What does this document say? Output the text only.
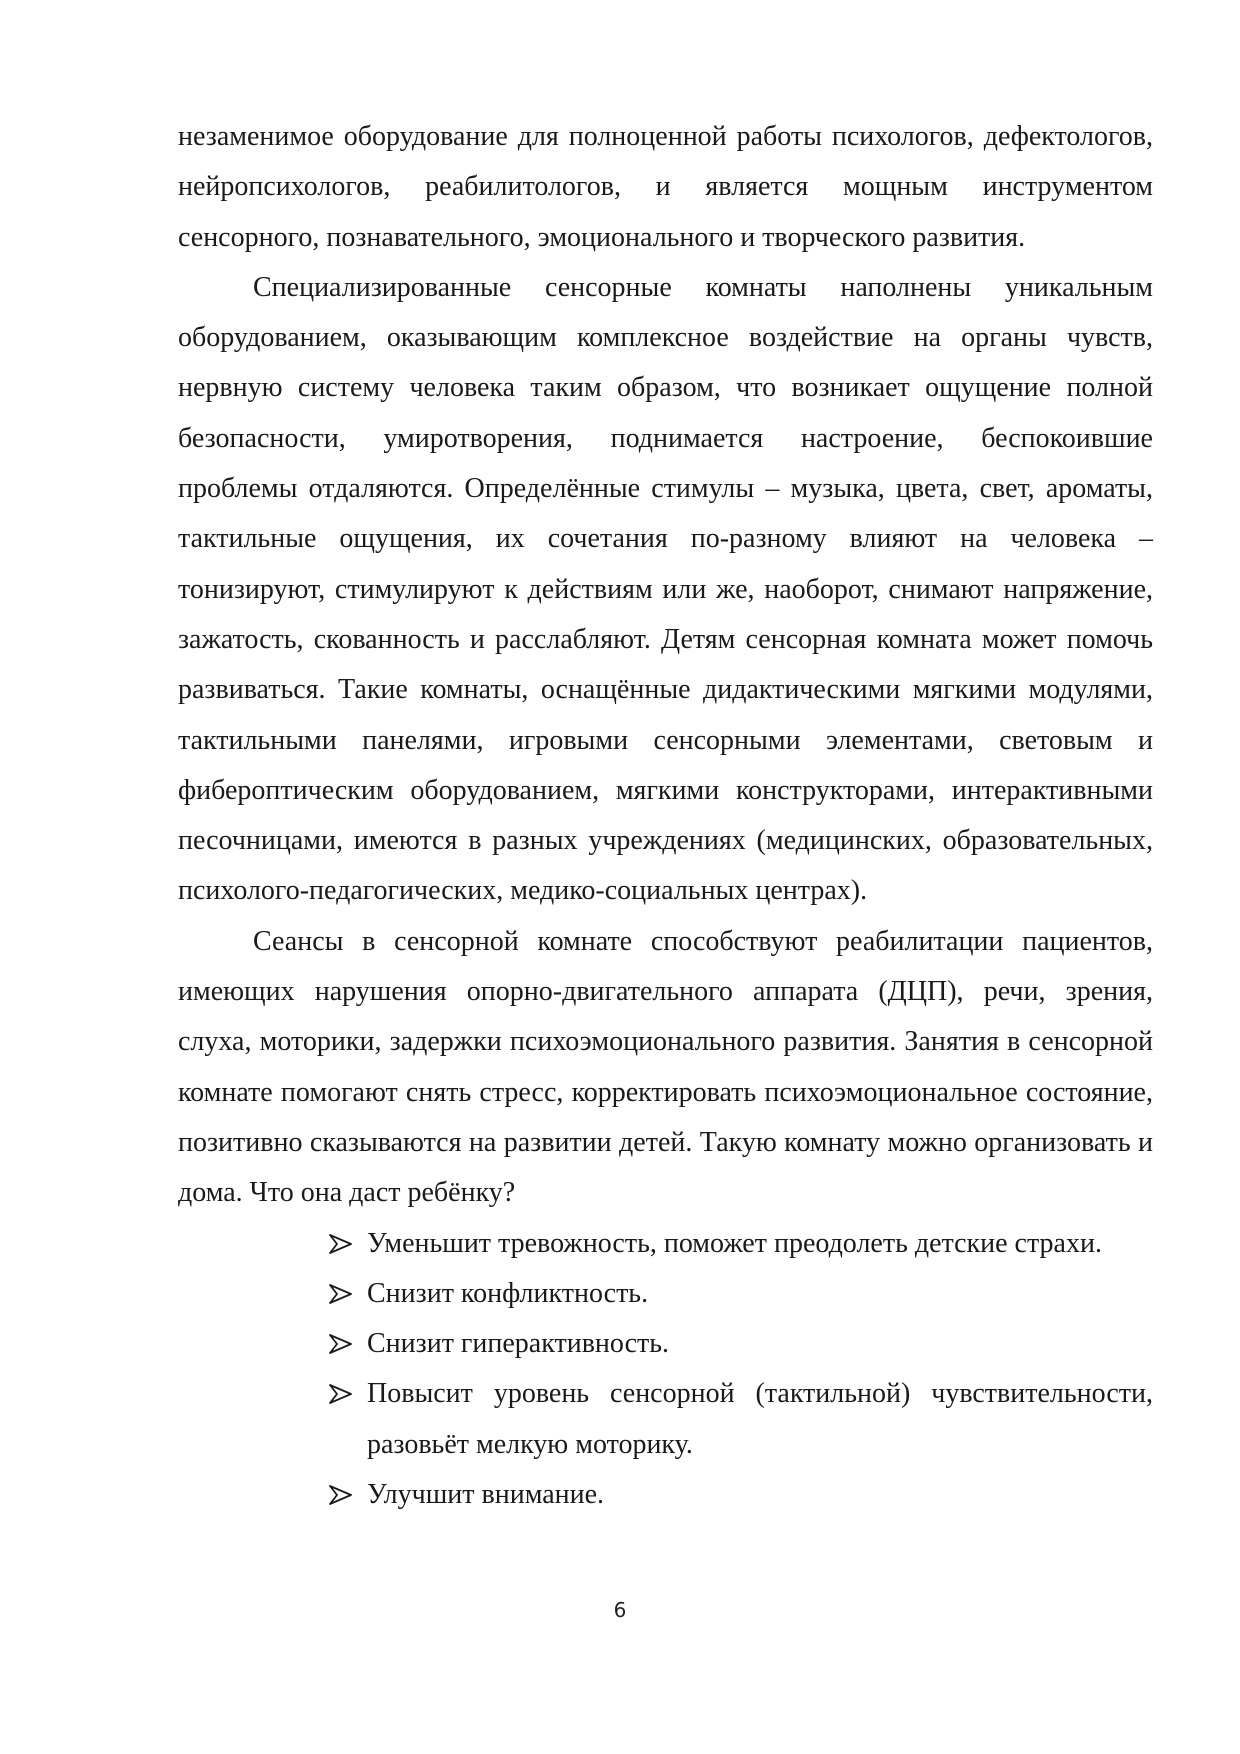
незаменимое оборудование для полноценной работы психологов, дефектологов, нейропсихологов, реабилитологов, и является мощным инструментом сенсорного, познавательного, эмоционального и творческого развития.

Специализированные сенсорные комнаты наполнены уникальным оборудованием, оказывающим комплексное воздействие на органы чувств, нервную систему человека таким образом, что возникает ощущение полной безопасности, умиротворения, поднимается настроение, беспокоившие проблемы отдаляются. Определённые стимулы – музыка, цвета, свет, ароматы, тактильные ощущения, их сочетания по-разному влияют на человека – тонизируют, стимулируют к действиям или же, наоборот, снимают напряжение, зажатость, скованность и расслабляют. Детям сенсорная комната может помочь развиваться. Такие комнаты, оснащённые дидактическими мягкими модулями, тактильными панелями, игровыми сенсорными элементами, световым и фибероптическим оборудованием, мягкими конструкторами, интерактивными песочницами, имеются в разных учреждениях (медицинских, образовательных, психолого-педагогических, медико-социальных центрах).

Сеансы в сенсорной комнате способствуют реабилитации пациентов, имеющих нарушения опорно-двигательного аппарата (ДЦП), речи, зрения, слуха, моторики, задержки психоэмоционального развития. Занятия в сенсорной комнате помогают снять стресс, корректировать психоэмоциональное состояние, позитивно сказываются на развитии детей. Такую комнату можно организовать и дома. Что она даст ребёнку?

Уменьшит тревожность, поможет преодолеть детские страхи.
Снизит конфликтность.
Снизит гиперактивность.
Повысит уровень сенсорной (тактильной) чувствительности, разовьёт мелкую моторику.
Улучшит внимание.
6
